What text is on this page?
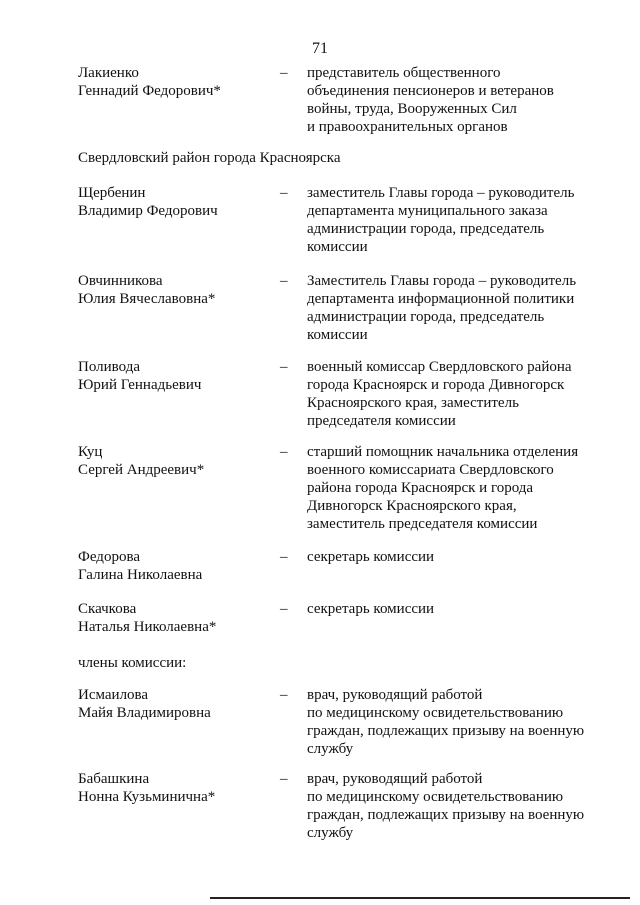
71
Лакиенко
Геннадий Федорович*
– представитель общественного
объединения пенсионеров и ветеранов
войны, труда, Вооруженных Сил
и правоохранительных органов
Свердловский район города Красноярска
Щербенин
Владимир Федорович
– заместитель Главы города – руководитель
департамента муниципального заказа
администрации города, председатель
комиссии
Овчинникова
Юлия Вячеславовна*
– Заместитель Главы города – руководитель
департамента информационной политики
администрации города, председатель
комиссии
Поливода
Юрий Геннадьевич
– военный комиссар Свердловского района
города Красноярск и города Дивногорск
Красноярского края, заместитель
председателя комиссии
Куц
Сергей Андреевич*
– старший помощник начальника отделения
военного комиссариата Свердловского
района города Красноярск и города
Дивногорск Красноярского края,
заместитель председателя комиссии
Федорова
Галина Николаевна
– секретарь комиссии
Скачкова
Наталья Николаевна*
– секретарь комиссии
члены комиссии:
Исмаилова
Майя Владимировна
– врач, руководящий работой
по медицинскому освидетельствованию
граждан, подлежащих призыву на военную
службу
Бабашкина
Нонна Кузьминична*
– врач, руководящий работой
по медицинскому освидетельствованию
граждан, подлежащих призыву на военную
службу
